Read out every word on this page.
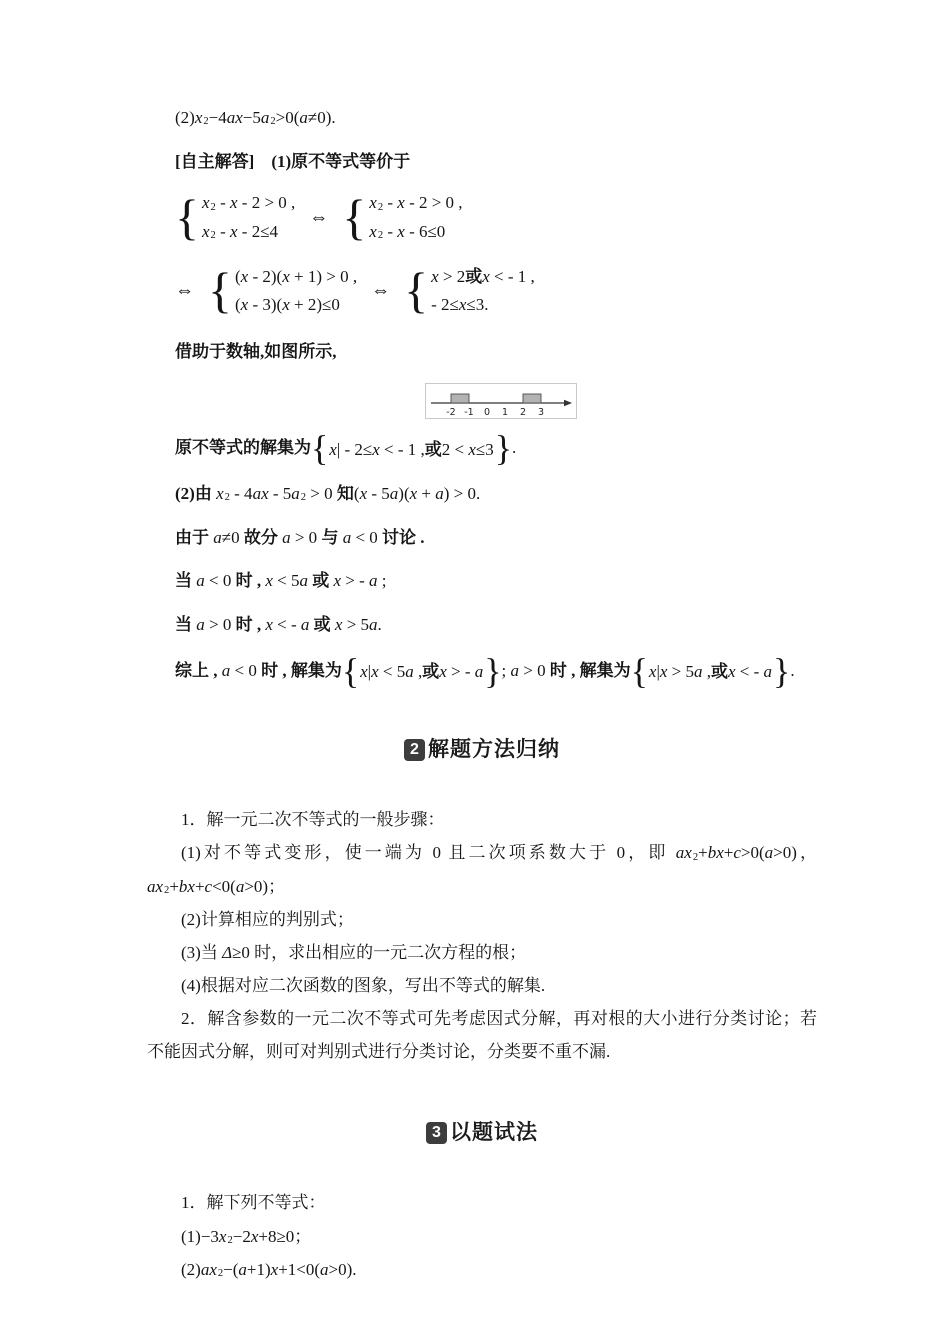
(2)x2−4ax−5a2>0(a≠0).

[自主解答]　(1)原不等式等价于

{ x2 - x - 2 > 0 ,
x2 - x - 2≤4
⇔ { x2 - x - 2 > 0 ,
x2 - x - 6≤0
⇔ { (x - 2)(x + 1) > 0 ,
(x - 3)(x + 2)≤0
⇔ { x > 2或x < - 1 ,
- 2≤x≤3.

借助于数轴,如图所示,

-2 -1 0 1 2 3

原不等式的解集为 { x| - 2≤x < - 1 ,或2 < x≤3 } .

(2)由 x2 - 4ax - 5a2 > 0 知(x - 5a)(x + a) > 0.

由于 a≠0 故分 a > 0 与 a < 0 讨论 .

当 a < 0 时 , x < 5a 或 x > - a ;

当 a > 0 时 , x < - a 或 x > 5a.

综上 , a < 0 时 , 解集为 { x|x < 5a ,或x > - a } ; a > 0 时 , 解集为 { x|x > 5a ,或x < - a } .

2 解题方法归纳

1．解一元二次不等式的一般步骤：

(1)对不等式变形，使一端为 0 且二次项系数大于 0，即 ax2+bx+c>0(a>0)，ax2+bx+c<0(a>0)；

(2)计算相应的判别式；

(3)当 Δ≥0 时，求出相应的一元二次方程的根；

(4)根据对应二次函数的图象，写出不等式的解集.

2．解含参数的一元二次不等式可先考虑因式分解，再对根的大小进行分类讨论；若不能因式分解，则可对判别式进行分类讨论，分类要不重不漏.

3 以题试法

1．解下列不等式：

(1)−3x2−2x+8≥0；

(2)ax2−(a+1)x+1<0(a>0).
